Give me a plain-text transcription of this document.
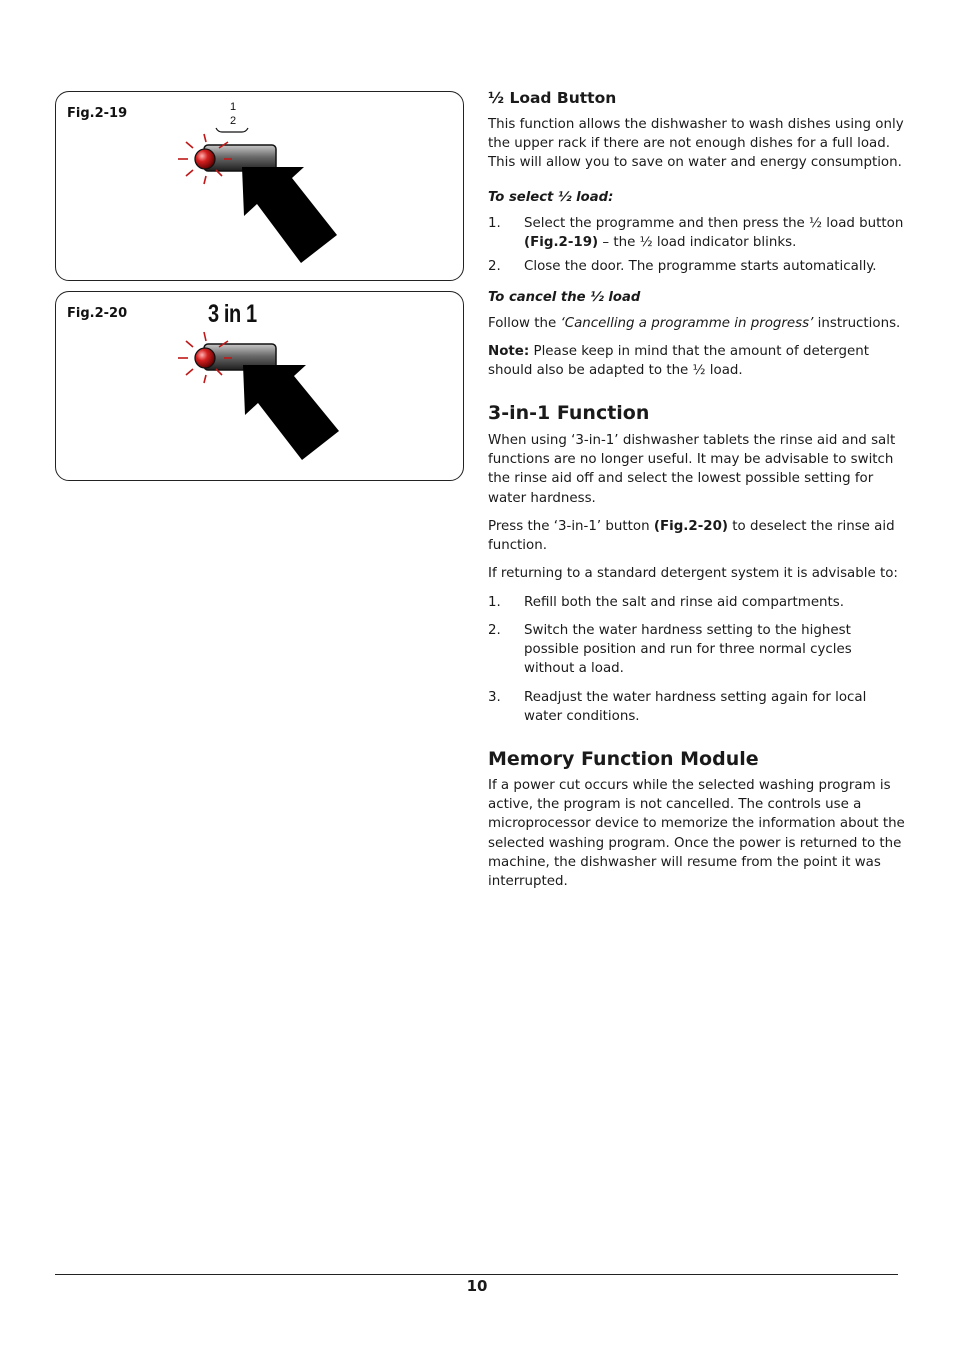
Fig.2-19	1
2
Fig.2-20	3 in 1
½ Load Button

This function allows the dishwasher to wash dishes using only the upper rack if there are not enough dishes for a full load. This will allow you to save on water and energy consumption.

To select ½ load:
1. Select the programme and then press the ½ load button (Fig.2-19) – the ½ load indicator blinks.
2. Close the door. The programme starts automatically.
To cancel the ½ load

Follow the ‘Cancelling a programme in progress’ instructions.

Note: Please keep in mind that the amount of detergent should also be adapted to the ½ load.

3-in-1 Function

When using ‘3-in-1’ dishwasher tablets the rinse aid and salt functions are no longer useful. It may be advisable to switch the rinse aid off and select the lowest possible setting for water hardness.

Press the ‘3-in-1’ button (Fig.2-20) to deselect the rinse aid function.

If returning to a standard detergent system it is advisable to:

1. Refill both the salt and rinse aid compartments.
2. Switch the water hardness setting to the highest possible position and run for three normal cycles without a load.
3. Readjust the water hardness setting again for local water conditions.
Memory Function Module

If a power cut occurs while the selected washing program is active, the program is not cancelled. The controls use a microprocessor device to memorize the information about the selected washing program. Once the power is returned to the machine, the dishwasher will resume from the point it was interrupted.

10
